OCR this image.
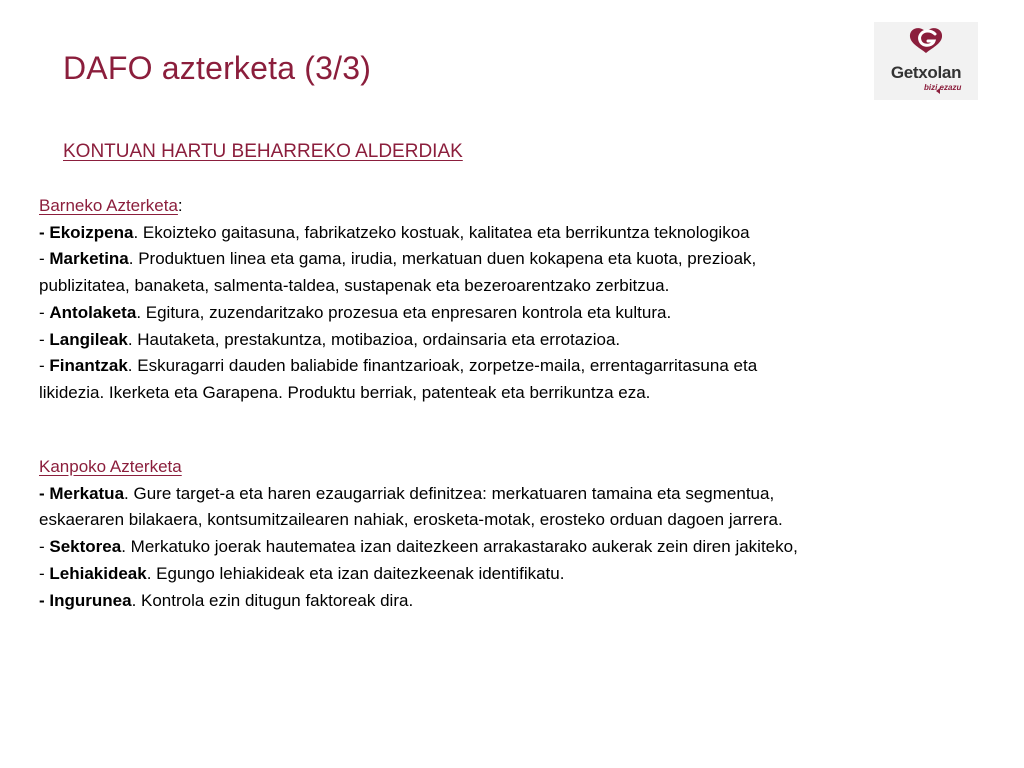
DAFO azterketa (3/3)	Getxolan
bizi ezazu
KONTUAN HARTU BEHARREKO ALDERDIAK
Barneko Azterketa:
- Ekoizpena. Ekoizteko gaitasuna, fabrikatzeko kostuak, kalitatea eta berrikuntza teknologikoa
- Marketina. Produktuen linea eta gama, irudia, merkatuan duen kokapena eta kuota, prezioak,
publizitatea, banaketa, salmenta-taldea, sustapenak eta bezeroarentzako zerbitzua.
- Antolaketa. Egitura, zuzendaritzako prozesua eta enpresaren kontrola eta kultura.
- Langileak. Hautaketa, prestakuntza, motibazioa, ordainsaria eta errotazioa.
- Finantzak. Eskuragarri dauden baliabide finantzarioak, zorpetze-maila, errentagarritasuna eta
likidezia. Ikerketa eta Garapena. Produktu berriak, patenteak eta berrikuntza eza.
Kanpoko Azterketa
- Merkatua. Gure target-a eta haren ezaugarriak definitzea: merkatuaren tamaina eta segmentua,
eskaeraren bilakaera, kontsumitzailearen nahiak, erosketa-motak, erosteko orduan dagoen jarrera.
- Sektorea. Merkatuko joerak hautematea izan daitezkeen arrakastarako aukerak zein diren jakiteko,
- Lehiakideak. Egungo lehiakideak eta izan daitezkeenak identifikatu.
- Ingurunea. Kontrola ezin ditugun faktoreak dira.
